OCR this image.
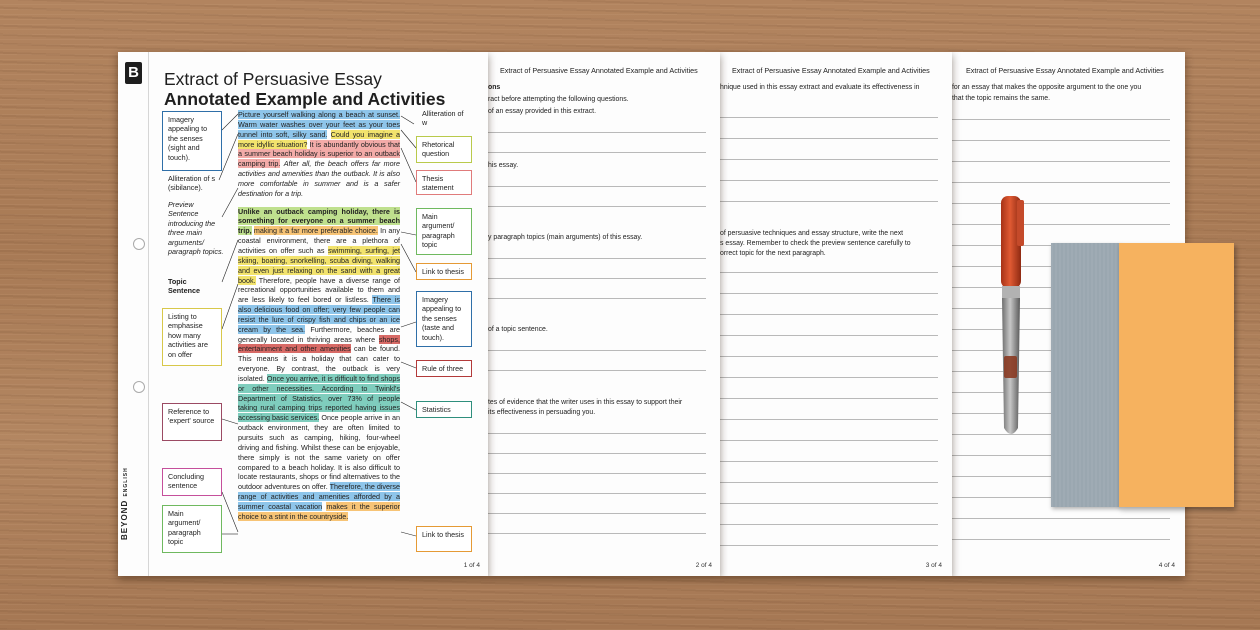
Extract of Persuasive Essay Annotated Example and Activities
for an essay that makes the opposite argument to the one you
that the topic remains the same.
4 of 4
Extract of Persuasive Essay Annotated Example and Activities
hnique used in this essay extract and evaluate its effectiveness in
of persuasive techniques and essay structure, write the next
s essay. Remember to check the preview sentence carefully to
orrect topic for the next paragraph.
3 of 4
Extract of Persuasive Essay Annotated Example and Activities
ons
ract before attempting the following questions.
of an essay provided in this extract.
his essay.
y paragraph topics (main arguments) of this essay.
of a topic sentence.
tes of evidence that the writer uses in this essay to support their
its effectiveness in persuading you.
2 of 4
B
BEYOND ENGLISH
Extract of Persuasive Essay Annotated Example and Activities

Picture yourself walking along a beach at sunset. Warm water washes over your feet as your toes tunnel into soft, silky sand. Could you imagine a more idyllic situation? It is abundantly obvious that a summer beach holiday is superior to an outback camping trip. After all, the beach offers far more activities and amenities than the outback. It is also more comfortable in summer and is a safer destination for a trip.

Unlike an outback camping holiday, there is something for everyone on a summer beach trip, making it a far more preferable choice. In any coastal environment, there are a plethora of activities on offer such as swimming, surfing, jet skiing, boating, snorkelling, scuba diving, walking and even just relaxing on the sand with a great book. Therefore, people have a diverse range of recreational opportunities available to them and are less likely to feel bored or listless. There is also delicious food on offer; very few people can resist the lure of crispy fish and chips or an ice cream by the sea. Furthermore, beaches are generally located in thriving areas where shops, entertainment and other amenities can be found. This means it is a holiday that can cater to everyone. By contrast, the outback is very isolated. Once you arrive, it is difficult to find shops or other necessities. According to Twinkl's Department of Statistics, over 73% of people taking rural camping trips reported having issues accessing basic services. Once people arrive in an outback environment, they are often limited to pursuits such as camping, hiking, four-wheel driving and fishing. Whilst these can be enjoyable, there simply is not the same variety on offer compared to a beach holiday. It is also difficult to locate restaurants, shops or find alternatives to the outdoor adventures on offer. Therefore, the diverse range of activities and amenities afforded by a summer coastal vacation makes it the superior choice to a stint in the countryside.

Imagery appealing to the senses (sight and touch).
Alliteration of s (sibilance).
Preview Sentence introducing the three main arguments/ paragraph topics.
Topic Sentence
Listing to emphasise how many activities are on offer
Reference to 'expert' source
Concluding sentence
Main argument/ paragraph topic
Alliteration of w
Rhetorical question
Thesis statement
Main argument/ paragraph topic
Link to thesis
Imagery appealing to the senses (taste and touch).
Rule of three
Statistics
Link to thesis
1 of 4
